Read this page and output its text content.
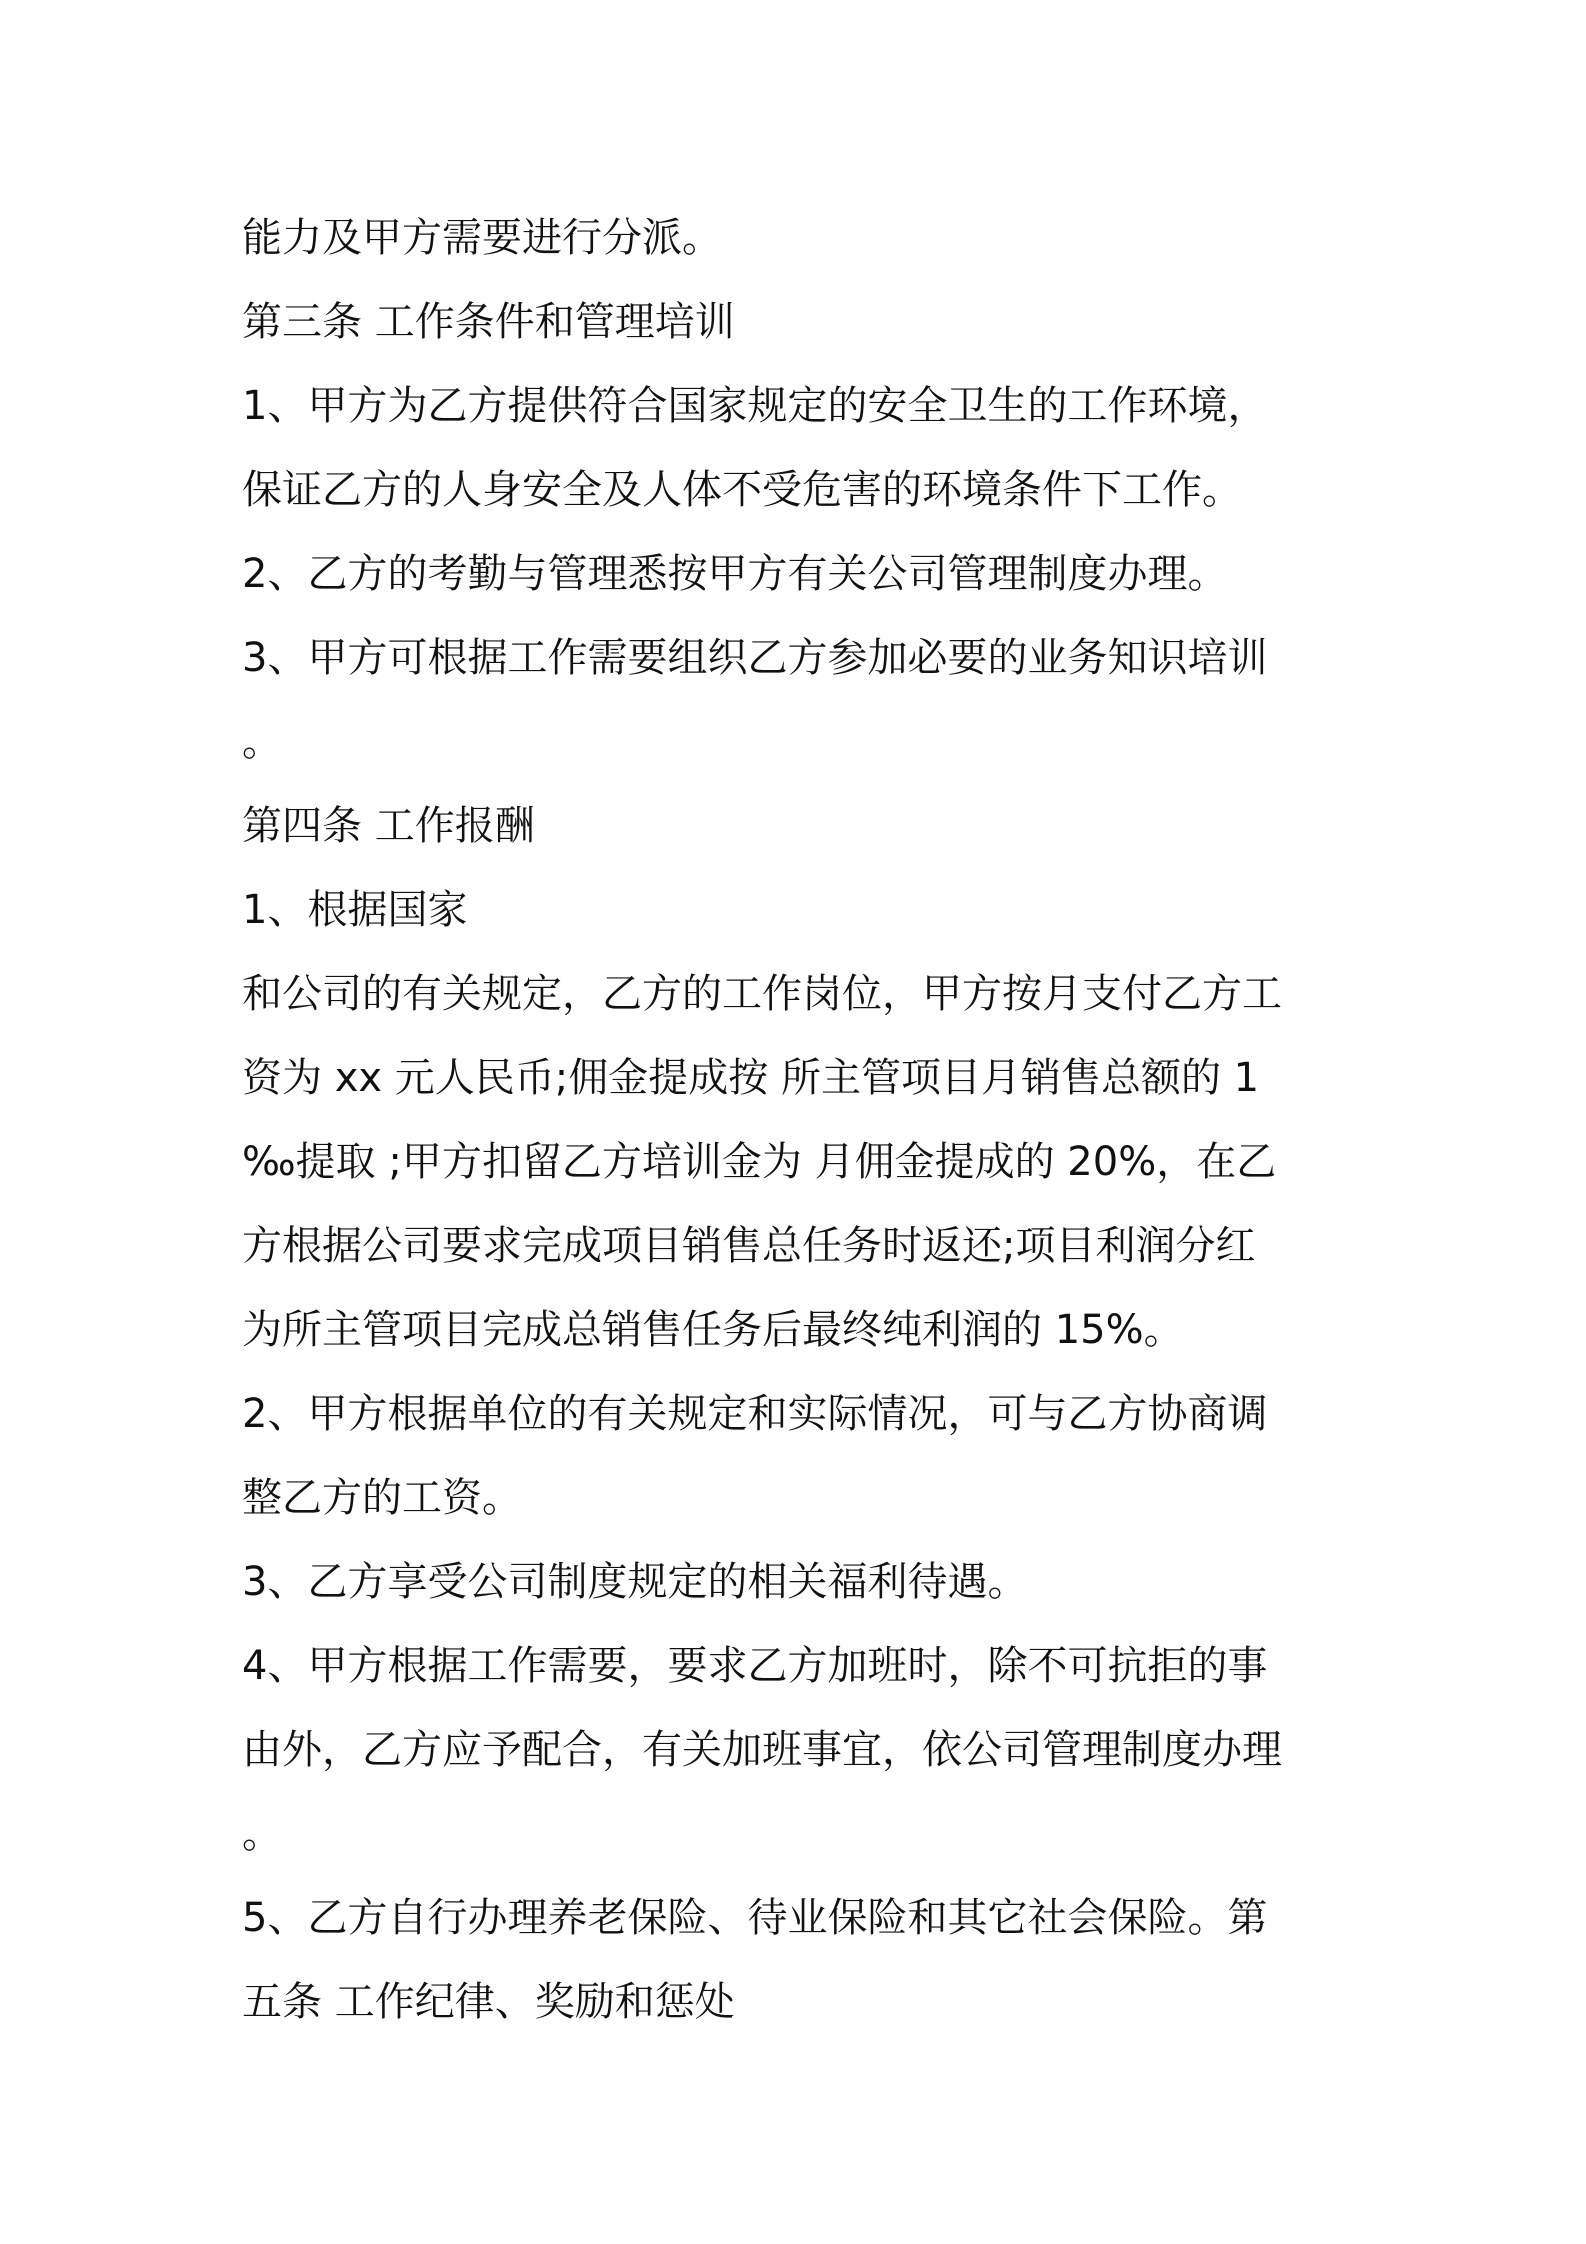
能力及甲方需要进行分派。
第三条 工作条件和管理培训
1、甲方为乙方提供符合国家规定的安全卫生的工作环境，
保证乙方的人身安全及人体不受危害的环境条件下工作。
2、乙方的考勤与管理悉按甲方有关公司管理制度办理。
3、甲方可根据工作需要组织乙方参加必要的业务知识培训
。
第四条 工作报酬
1、根据国家
和公司的有关规定，乙方的工作岗位，甲方按月支付乙方工
资为 xx 元人民币;佣金提成按 所主管项目月销售总额的 1
‰提取 ;甲方扣留乙方培训金为 月佣金提成的 20%，在乙
方根据公司要求完成项目销售总任务时返还;项目利润分红
为所主管项目完成总销售任务后最终纯利润的 15%。
2、甲方根据单位的有关规定和实际情况，可与乙方协商调
整乙方的工资。
3、乙方享受公司制度规定的相关福利待遇。
4、甲方根据工作需要，要求乙方加班时，除不可抗拒的事
由外，乙方应予配合，有关加班事宜，依公司管理制度办理
。
5、乙方自行办理养老保险、待业保险和其它社会保险。第
五条 工作纪律、奖励和惩处
